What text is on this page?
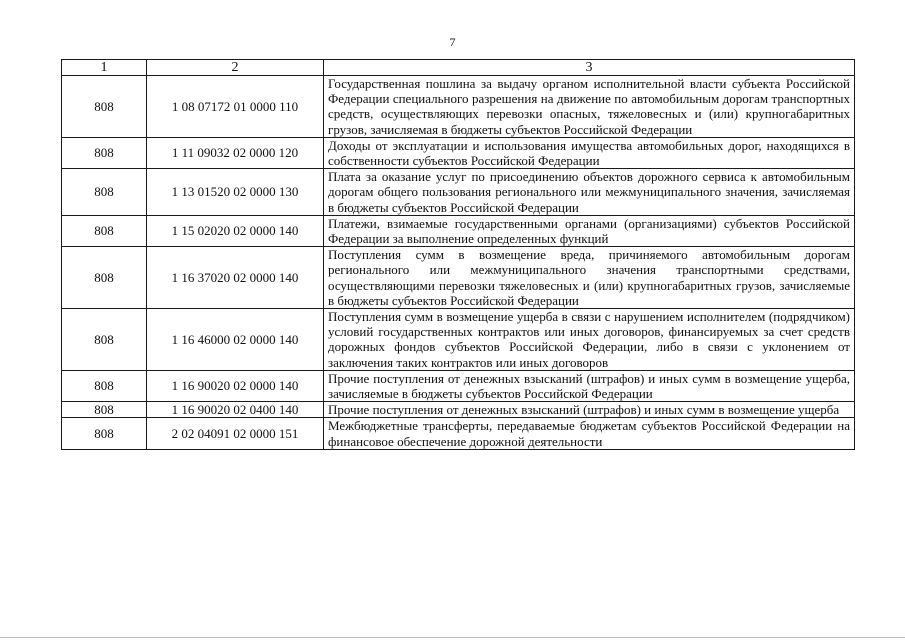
7
1	2	3
808	1 08 07172 01 0000 110	Государственная пошлина за выдачу органом исполнительной власти субъекта Российской Федерации специального разрешения на движение по автомобильным дорогам транспортных средств, осуществляющих перевозки опасных, тяжеловесных и (или) крупногабаритных грузов, зачисляемая в бюджеты субъектов Российской Федерации
808	1 11 09032 02 0000 120	Доходы от эксплуатации и использования имущества автомобильных дорог, находящихся в собственности субъектов Российской Федерации
808	1 13 01520 02 0000 130	Плата за оказание услуг по присоединению объектов дорожного сервиса к автомобильным дорогам общего пользования регионального или межмуниципального значения, зачисляемая в бюджеты субъектов Российской Федерации
808	1 15 02020 02 0000 140	Платежи, взимаемые государственными органами (организациями) субъектов Российской Федерации за выполнение определенных функций
808	1 16 37020 02 0000 140	Поступления сумм в возмещение вреда, причиняемого автомобильным дорогам регионального или межмуниципального значения транспортными средствами, осуществляющими перевозки тяжеловесных и (или) крупногабаритных грузов, зачисляемые в бюджеты субъектов Российской Федерации
808	1 16 46000 02 0000 140	Поступления сумм в возмещение ущерба в связи с нарушением исполнителем (подрядчиком) условий государственных контрактов или иных договоров, финансируемых за счет средств дорожных фондов субъектов Российской Федерации, либо в связи с уклонением от заключения таких контрактов или иных договоров
808	1 16 90020 02 0000 140	Прочие поступления от денежных взысканий (штрафов) и иных сумм в возмещение ущерба, зачисляемые в бюджеты субъектов Российской Федерации
808	1 16 90020 02 0400 140	Прочие поступления от денежных взысканий (штрафов) и иных сумм в возмещение ущерба
808	2 02 04091 02 0000 151	Межбюджетные трансферты, передаваемые бюджетам субъектов Российской Федерации на финансовое обеспечение дорожной деятельности
